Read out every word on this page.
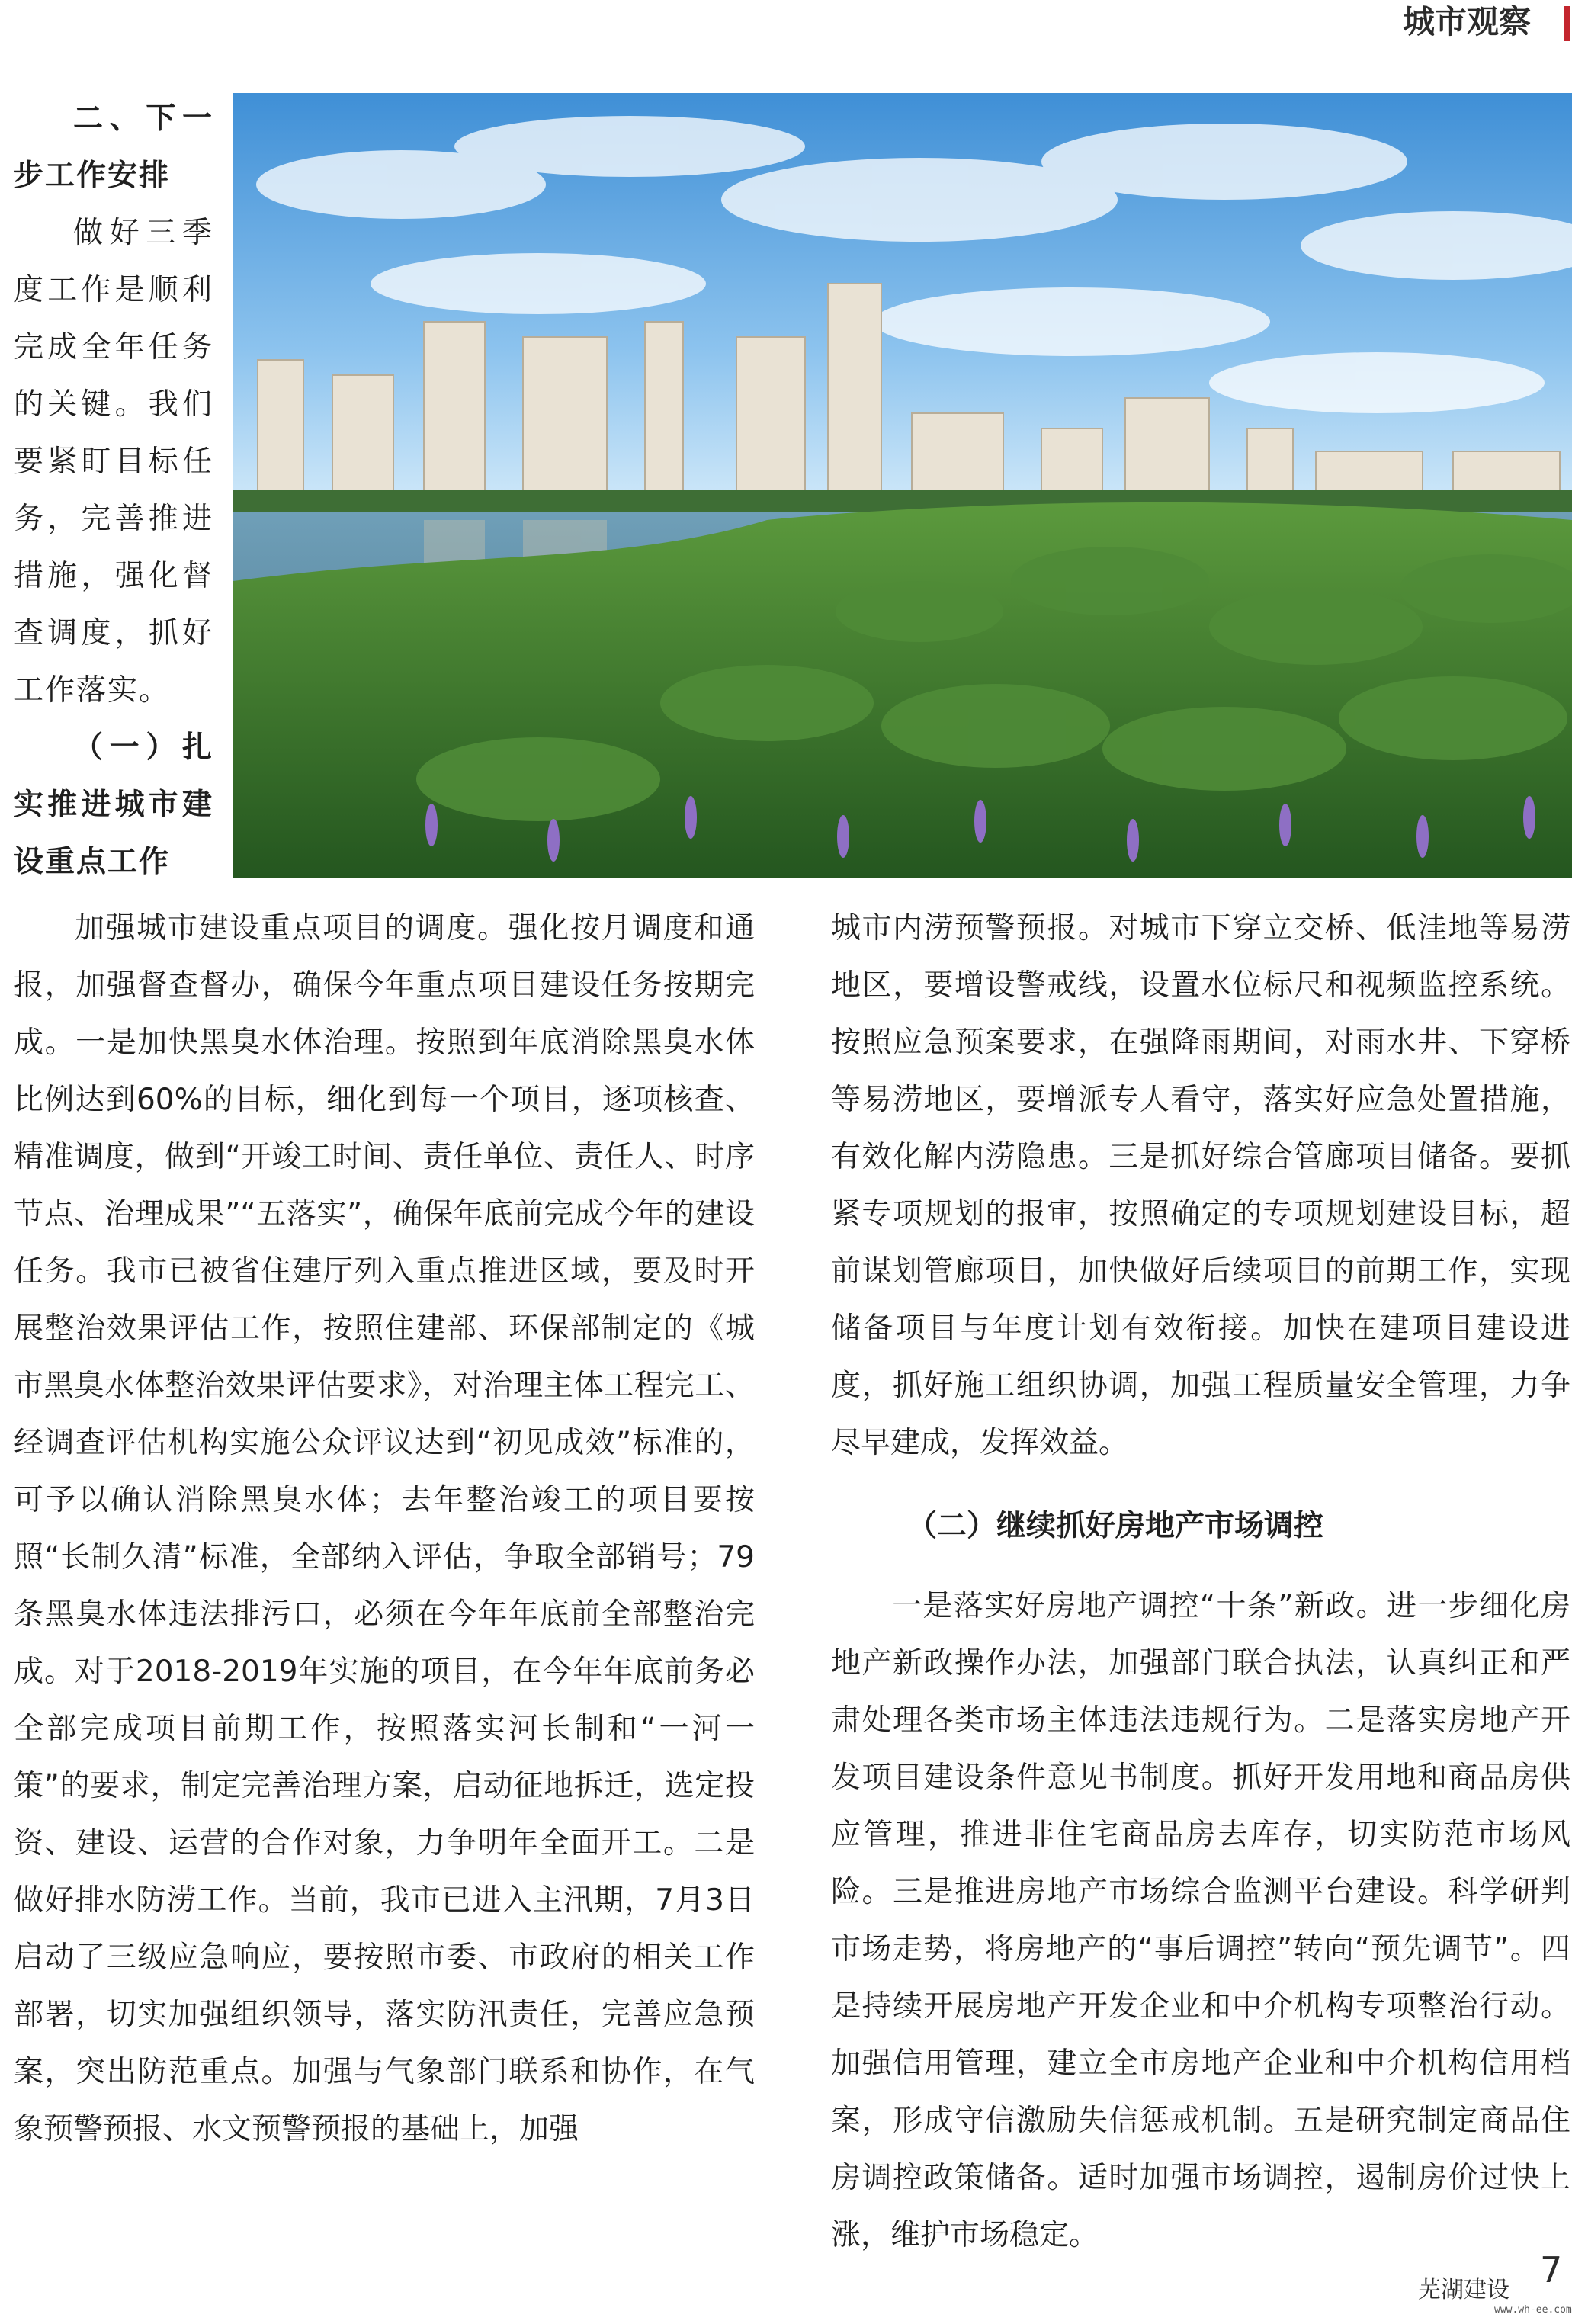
城市观察

二、下一步工作安排

做好三季度工作是顺利完成全年任务的关键。我们要紧盯目标任务，完善推进措施，强化督查调度，抓好工作落实。

（一）扎实推进城市建设重点工作

加强城市建设重点项目的调度。强化按月调度和通报，加强督查督办，确保今年重点项目建设任务按期完成。一是加快黑臭水体治理。按照到年底消除黑臭水体比例达到60%的目标，细化到每一个项目，逐项核查、精准调度，做到“开竣工时间、责任单位、责任人、时序节点、治理成果”“五落实”，确保年底前完成今年的建设任务。我市已被省住建厅列入重点推进区域，要及时开展整治效果评估工作，按照住建部、环保部制定的《城市黑臭水体整治效果评估要求》，对治理主体工程完工、经调查评估机构实施公众评议达到“初见成效”标准的，可予以确认消除黑臭水体；去年整治竣工的项目要按照“长制久清”标准，全部纳入评估，争取全部销号；79条黑臭水体违法排污口，必须在今年年底前全部整治完成。对于2018-2019年实施的项目，在今年年底前务必全部完成项目前期工作，按照落实河长制和“一河一策”的要求，制定完善治理方案，启动征地拆迁，选定投资、建设、运营的合作对象，力争明年全面开工。二是做好排水防涝工作。当前，我市已进入主汛期，7月3日启动了三级应急响应，要按照市委、市政府的相关工作部署，切实加强组织领导，落实防汛责任，完善应急预案，突出防范重点。加强与气象部门联系和协作，在气象预警预报、水文预警预报的基础上，加强

城市内涝预警预报。对城市下穿立交桥、低洼地等易涝地区，要增设警戒线，设置水位标尺和视频监控系统。按照应急预案要求，在强降雨期间，对雨水井、下穿桥等易涝地区，要增派专人看守，落实好应急处置措施，有效化解内涝隐患。三是抓好综合管廊项目储备。要抓紧专项规划的报审，按照确定的专项规划建设目标，超前谋划管廊项目，加快做好后续项目的前期工作，实现储备项目与年度计划有效衔接。加快在建项目建设进度，抓好施工组织协调，加强工程质量安全管理，力争尽早建成，发挥效益。

（二）继续抓好房地产市场调控

一是落实好房地产调控“十条”新政。进一步细化房地产新政操作办法，加强部门联合执法，认真纠正和严肃处理各类市场主体违法违规行为。二是落实房地产开发项目建设条件意见书制度。抓好开发用地和商品房供应管理，推进非住宅商品房去库存，切实防范市场风险。三是推进房地产市场综合监测平台建设。科学研判市场走势，将房地产的“事后调控”转向“预先调节”。四是持续开展房地产开发企业和中介机构专项整治行动。加强信用管理，建立全市房地产企业和中介机构信用档案，形成守信激励失信惩戒机制。五是研究制定商品住房调控政策储备。适时加强市场调控，遏制房价过快上涨，维护市场稳定。

芜湖建设 7
www.wh-ee.com
